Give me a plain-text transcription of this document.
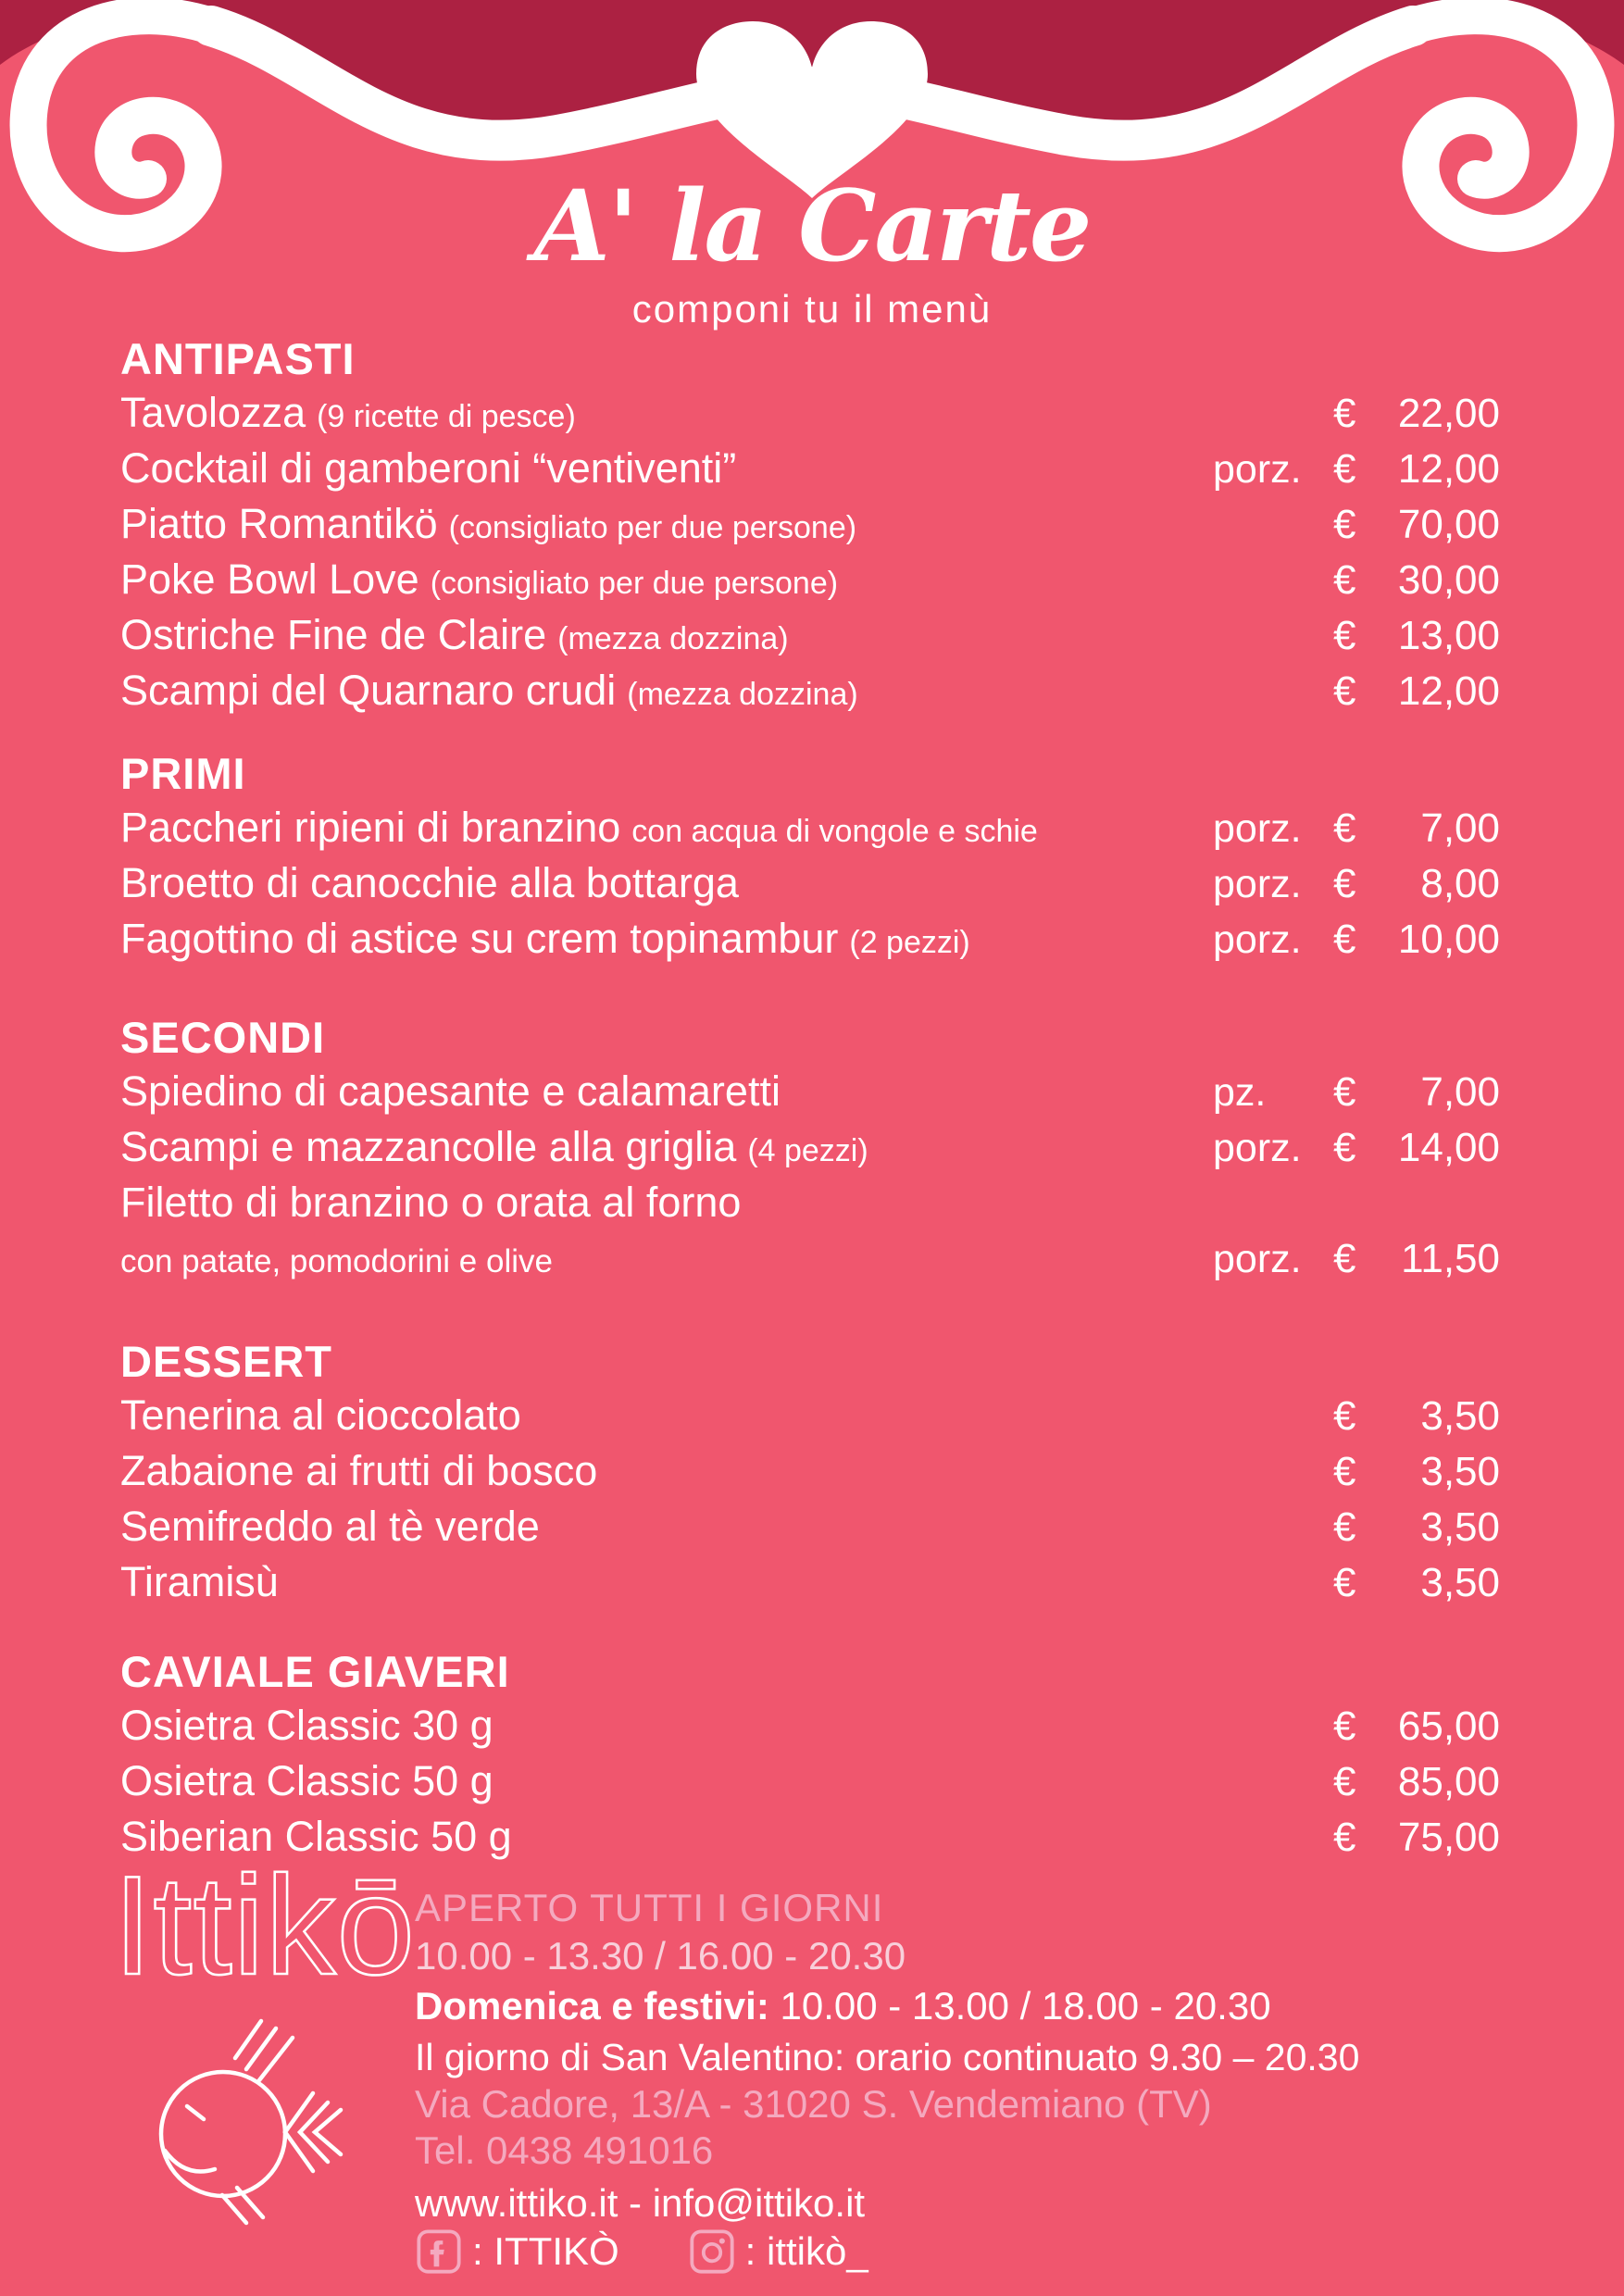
A' la Carte
componi tu il menù
ANTIPASTI
Tavolozza (9 ricette di pesce)	€	22,00
Cocktail di gamberoni “ventiventi”	porz. €	12,00
Piatto Romantikö (consigliato per due persone)	€	70,00
Poke Bowl Love (consigliato per due persone)	€	30,00
Ostriche Fine de Claire (mezza dozzina)	€	13,00
Scampi del Quarnaro crudi (mezza dozzina)	€	12,00
PRIMI
Paccheri ripieni di branzino con acqua di vongole e schie	porz. €	7,00
Broetto di canocchie alla bottarga	porz. €	8,00
Fagottino di astice su crem topinambur (2 pezzi)	porz. €	10,00
SECONDI
Spiedino di capesante e calamaretti	pz.	€	7,00
Scampi e mazzancolle alla griglia (4 pezzi)	porz. €	14,00
Filetto di branzino o orata al forno
con patate, pomodorini e olive	porz. €	11,50
DESSERT
Tenerina al cioccolato	€	3,50
Zabaione ai frutti di bosco	€	3,50
Semifreddo al tè verde	€	3,50
Tiramisù	€	3,50
CAVIALE GIAVERI
Osietra Classic 30 g	€	65,00
Osietra Classic 50 g	€	85,00
Siberian Classic 50 g	€	75,00
Ittikō APERTO TUTTI I GIORNI
10.00 - 13.30 / 16.00 - 20.30
Domenica e festivi: 10.00 - 13.00 / 18.00 - 20.30
Il giorno di San Valentino: orario continuato 9.30 – 20.30
Via Cadore, 13/A - 31020 S. Vendemiano (TV)
Tel. 0438 491016
www.ittiko.it - info@ittiko.it
: ITTIKÒ	: ittikò_
